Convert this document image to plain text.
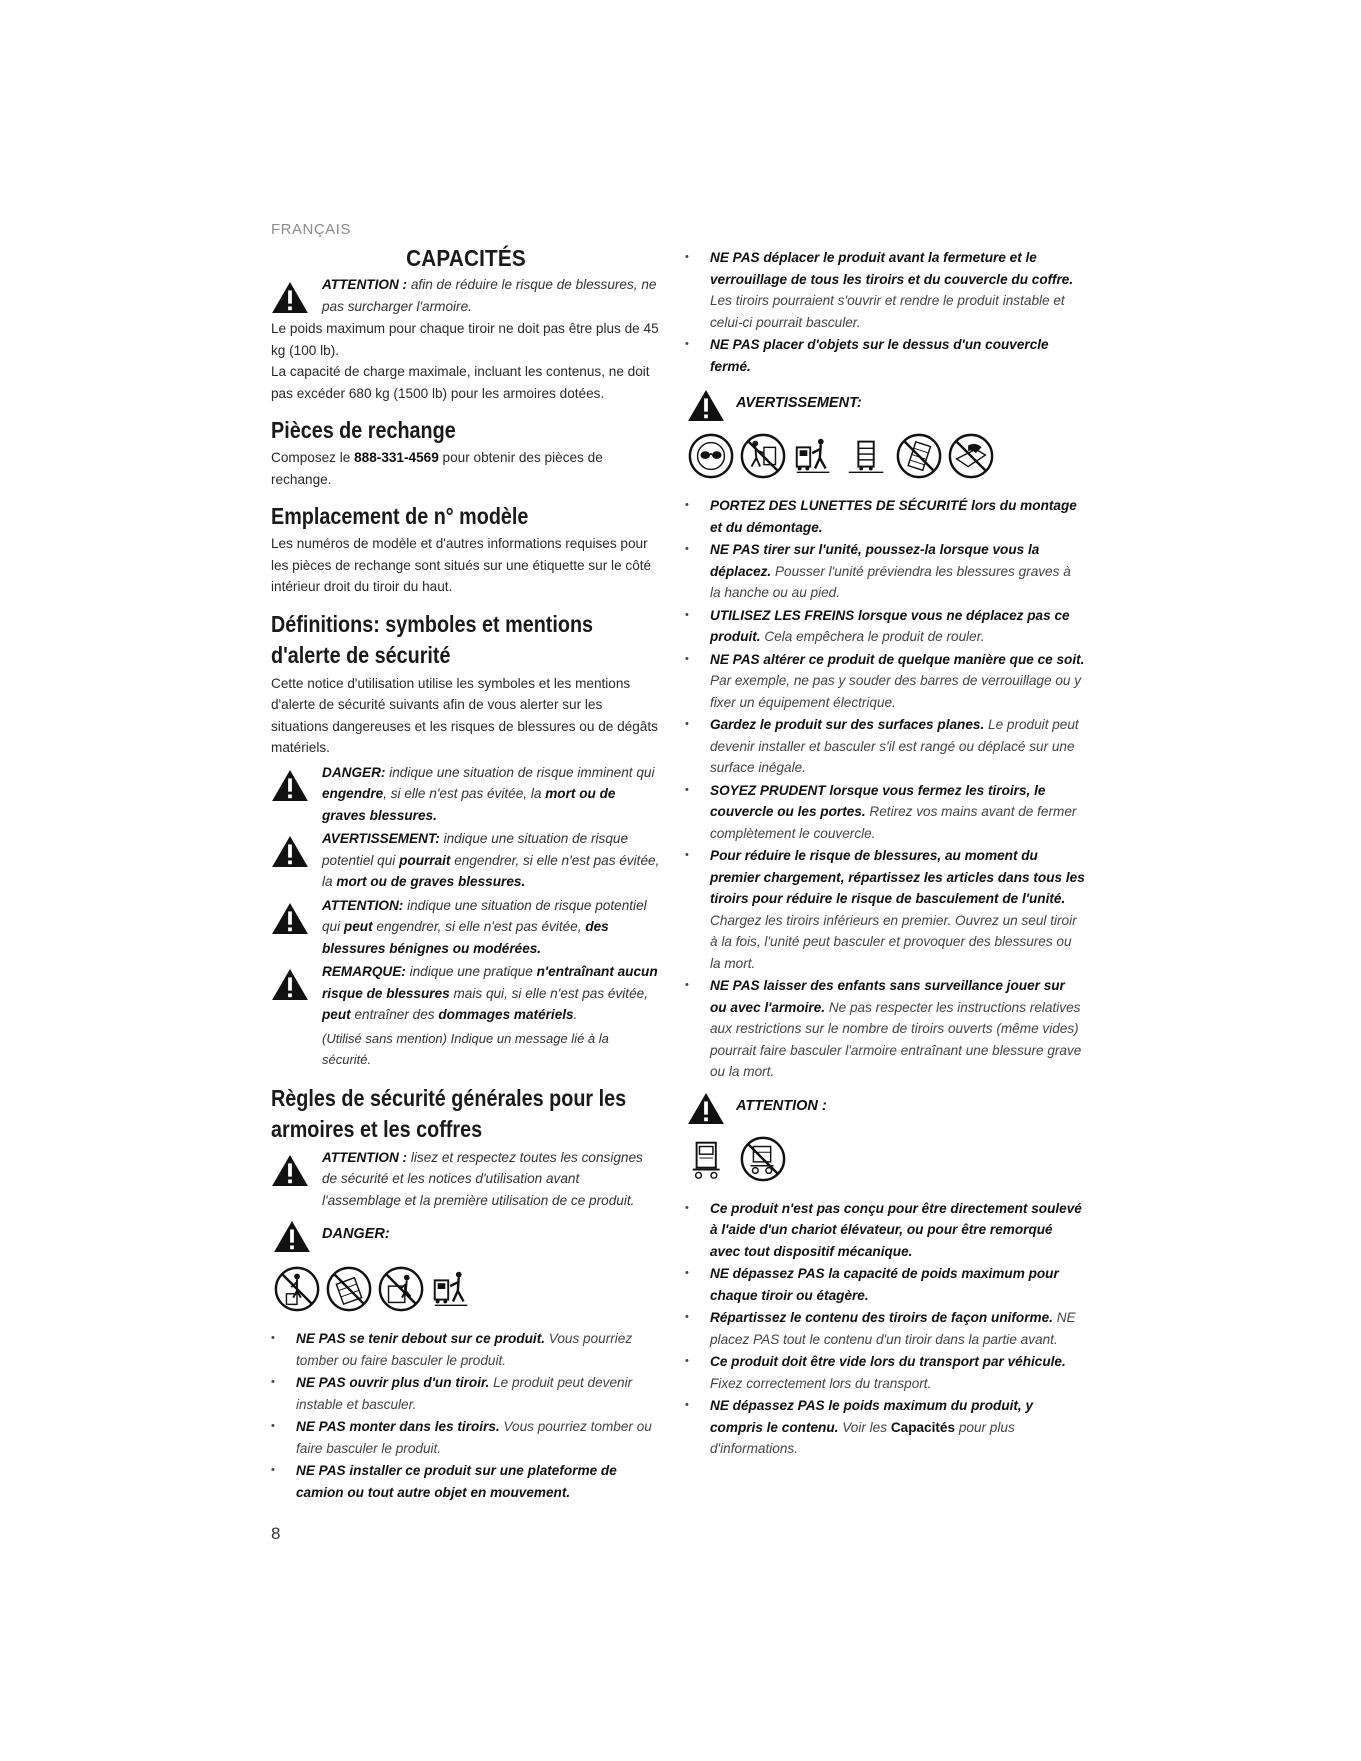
FRANÇAIS
CAPACITÉS
ATTENTION : afin de réduire le risque de blessures, ne pas surcharger l'armoire.

Le poids maximum pour chaque tiroir ne doit pas être plus de 45 kg (100 lb).

La capacité de charge maximale, incluant les contenus, ne doit pas excéder 680 kg (1500 lb) pour les armoires dotées.

Pièces de rechange

Composez le 888-331-4569 pour obtenir des pièces de rechange.

Emplacement de n° modèle

Les numéros de modèle et d'autres informations requises pour les pièces de rechange sont situés sur une étiquette sur le côté intérieur droit du tiroir du haut.

Définitions: symboles et mentions d'alerte de sécurité

Cette notice d'utilisation utilise les symboles et les mentions d'alerte de sécurité suivants afin de vous alerter sur les situations dangereuses et les risques de blessures ou de dégâts matériels.

DANGER: indique une situation de risque imminent qui engendre, si elle n'est pas évitée, la mort ou de graves blessures.
AVERTISSEMENT: indique une situation de risque potentiel qui pourrait engendrer, si elle n'est pas évitée, la mort ou de graves blessures.
ATTENTION: indique une situation de risque potentiel qui peut engendrer, si elle n'est pas évitée, des blessures bénignes ou modérées.
REMARQUE: indique une pratique n'entraînant aucun risque de blessures mais qui, si elle n'est pas évitée, peut entraîner des dommages matériels.
(Utilisé sans mention) Indique un message lié à la sécurité.
Règles de sécurité générales pour les armoires et les coffres
ATTENTION : lisez et respectez toutes les consignes de sécurité et les notices d'utilisation avant l'assemblage et la première utilisation de ce produit.
DANGER:
• NE PAS se tenir debout sur ce produit. Vous pourriez tomber ou faire basculer le produit.
• NE PAS ouvrir plus d'un tiroir. Le produit peut devenir instable et basculer.
• NE PAS monter dans les tiroirs. Vous pourriez tomber ou faire basculer le produit.
• NE PAS installer ce produit sur une plateforme de camion ou tout autre objet en mouvement.
• NE PAS déplacer le produit avant la fermeture et le verrouillage de tous les tiroirs et du couvercle du coffre. Les tiroirs pourraient s'ouvrir et rendre le produit instable et celui-ci pourrait basculer.
• NE PAS placer d'objets sur le dessus d'un couvercle fermé.
AVERTISSEMENT:
• PORTEZ DES LUNETTES DE SÉCURITÉ lors du montage et du démontage.
• NE PAS tirer sur l'unité, poussez-la lorsque vous la déplacez. Pousser l'unité préviendra les blessures graves à la hanche ou au pied.
• UTILISEZ LES FREINS lorsque vous ne déplacez pas ce produit. Cela empêchera le produit de rouler.
• NE PAS altérer ce produit de quelque manière que ce soit. Par exemple, ne pas y souder des barres de verrouillage ou y fixer un équipement électrique.
• Gardez le produit sur des surfaces planes. Le produit peut devenir installer et basculer s'il est rangé ou déplacé sur une surface inégale.
• SOYEZ PRUDENT lorsque vous fermez les tiroirs, le couvercle ou les portes. Retirez vos mains avant de fermer complètement le couvercle.
• Pour réduire le risque de blessures, au moment du premier chargement, répartissez les articles dans tous les tiroirs pour réduire le risque de basculement de l'unité. Chargez les tiroirs inférieurs en premier. Ouvrez un seul tiroir à la fois, l'unité peut basculer et provoquer des blessures ou la mort.
• NE PAS laisser des enfants sans surveillance jouer sur ou avec l'armoire. Ne pas respecter les instructions relatives aux restrictions sur le nombre de tiroirs ouverts (même vides) pourrait faire basculer l'armoire entraînant une blessure grave ou la mort.
ATTENTION :
• Ce produit n'est pas conçu pour être directement soulevé à l'aide d'un chariot élévateur, ou pour être remorqué avec tout dispositif mécanique.
• NE dépassez PAS la capacité de poids maximum pour chaque tiroir ou étagère.
• Répartissez le contenu des tiroirs de façon uniforme. NE placez PAS tout le contenu d'un tiroir dans la partie avant.
• Ce produit doit être vide lors du transport par véhicule. Fixez correctement lors du transport.
• NE dépassez PAS le poids maximum du produit, y compris le contenu. Voir les Capacités pour plus d'informations.
8
